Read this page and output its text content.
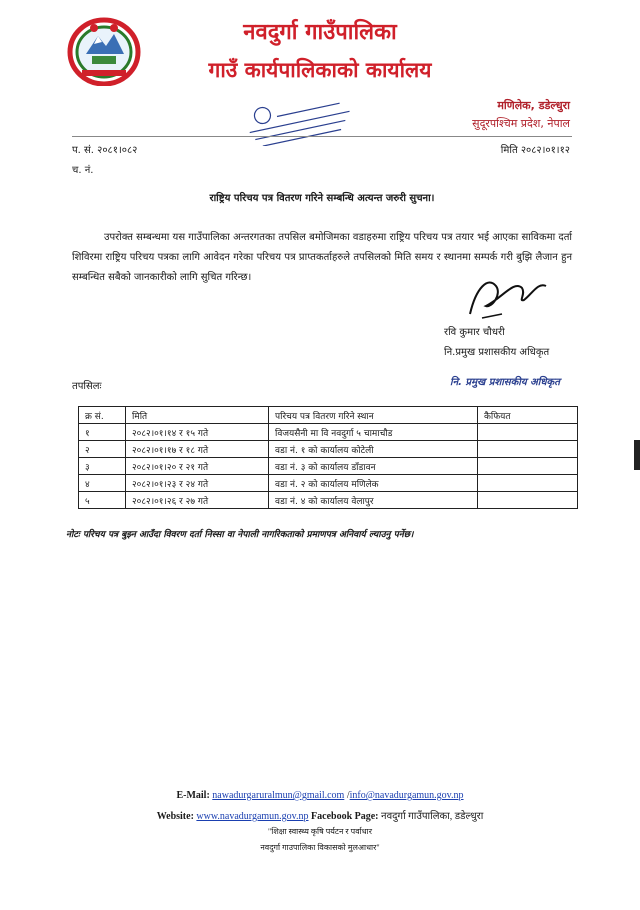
नवदुर्गा गाउँपालिका
गाउँ कार्यपालिकाको कार्यालय
मणिलेक, डडेल्धुरा
सुदूरपश्चिम प्रदेश, नेपाल
प. सं. २०८१।०८२	मिति २०८२।०१।१२
च. नं.
राष्ट्रिय परिचय पत्र वितरण गरिने सम्बन्धि अत्यन्त जरुरी सुचना।
उपरोक्त सम्बन्धमा यस गाउँपालिका अन्तरगतका तपसिल बमोजिमका वडाहरुमा राष्ट्रिय परिचय पत्र तयार भई आएका साविकमा दर्ता शिविरमा राष्ट्रिय परिचय पत्रका लागि आवेदन गरेका परिचय पत्र प्राप्तकर्ताहरुले तपसिलको मिति समय र स्थानमा सम्पर्क गरी बुझि लैजान हुन सम्बन्धित सबैको जानकारीको लागि सुचित गरिन्छ।
रवि कुमार चौधरी
नि.प्रमुख प्रशासकीय अधिकृत
तपसिलः	नि. प्रमुख प्रशासकीय अधिकृत
क्र सं.	मिति	परिचय पत्र वितरण गरिने स्थान	कैफियत
१	२०८२।०१।१४ र १५ गते	विजयसैनी मा वि नवदुर्गा ५ चामाचौड	
२	२०८२।०१।१७ र १८ गते	वडा नं. १ को कार्यालय कोटेली	
३	२०८२।०१।२० र २१ गते	वडा नं. ३ को कार्यालय डाँडावन	
४	२०८२।०१।२३ र २४ गते	वडा नं. २ को कार्यालय मणिलेक	
५	२०८२।०१।२६ र २७ गते	वडा नं. ४ को कार्यालय वेलापुर	
नोटः परिचय पत्र बुझ्न आउँदा विवरण दर्ता निस्सा वा नेपाली नागरिकताको प्रमाणपत्र अनिवार्य ल्याउनु पर्नेछ।
E-Mail: nawadurgaruralmun@gmail.com /info@navadurgamun.gov.np
Website: www.navadurgamun.gov.np Facebook Page: नवदुर्गा गाउँपालिका, डडेल्धुरा
"शिक्षा स्वास्थ्य कृषि पर्यटन र पर्वाधार
नवदुर्गा गाउपालिका विकासको मुलआधार"
